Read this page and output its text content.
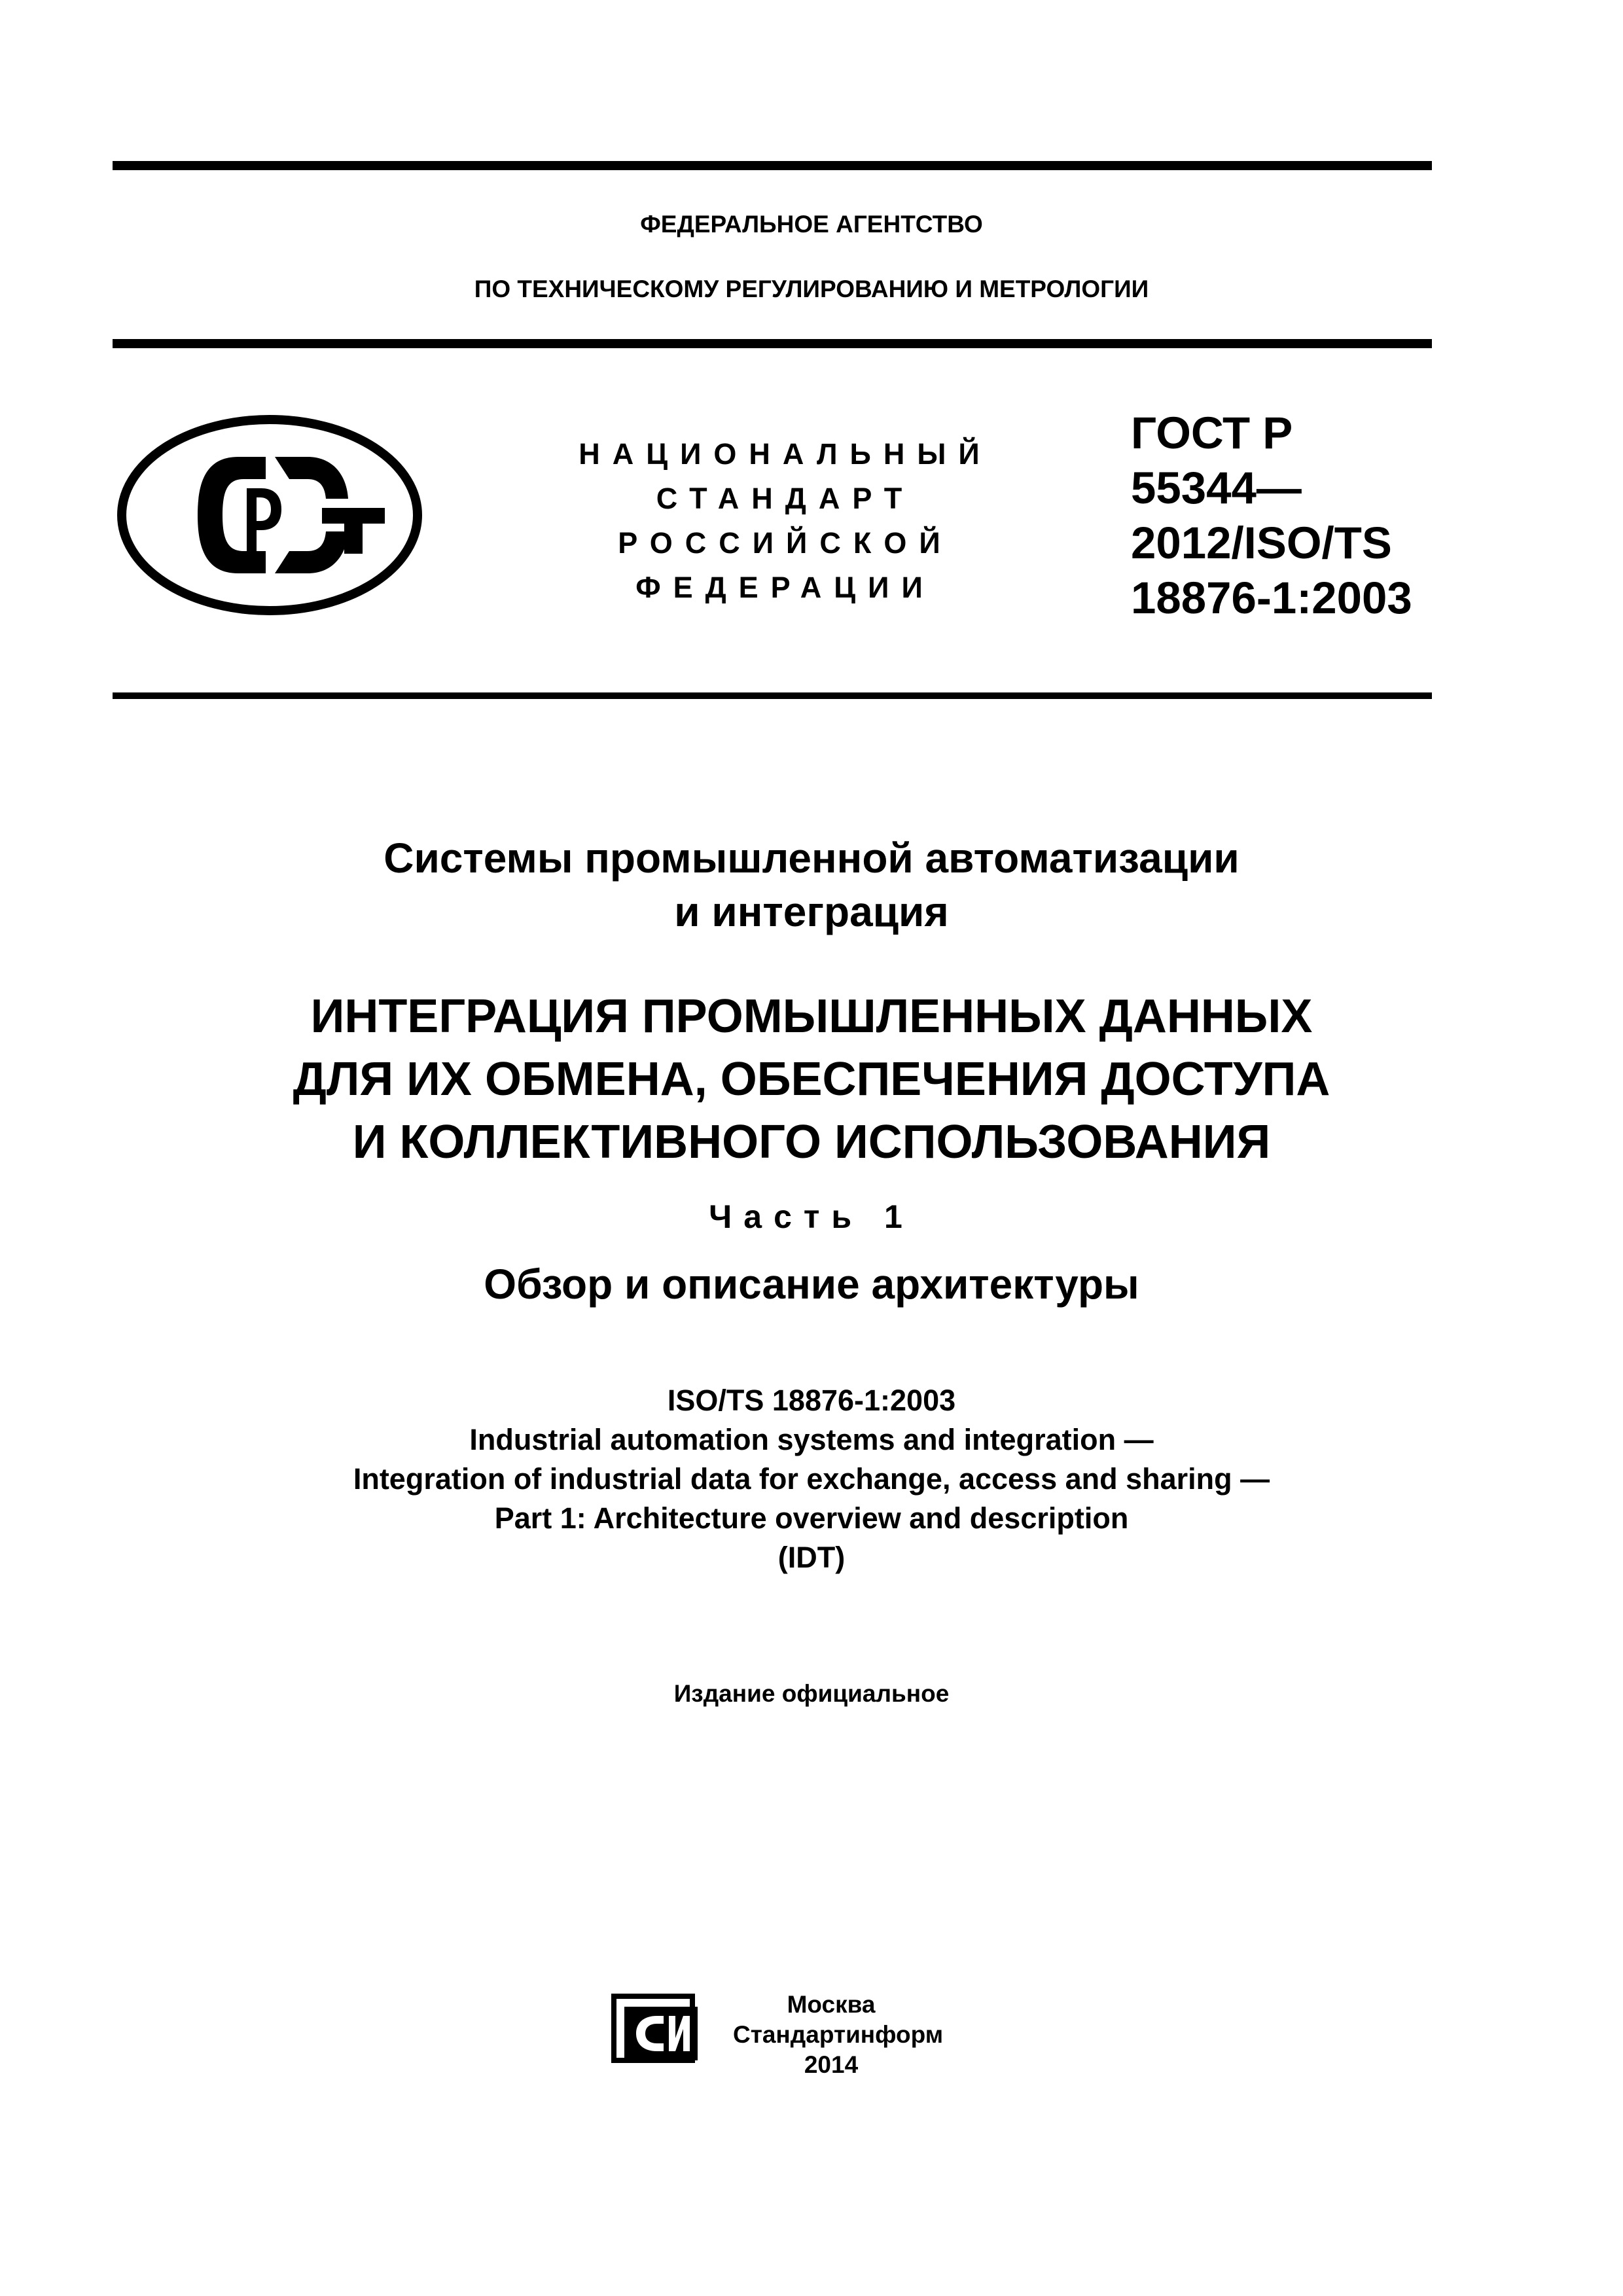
ФЕДЕРАЛЬНОЕ АГЕНТСТВО
ПО ТЕХНИЧЕСКОМУ РЕГУЛИРОВАНИЮ И МЕТРОЛОГИИ
НАЦИОНАЛЬНЫЙ
СТАНДАРТ
РОССИЙСКОЙ
ФЕДЕРАЦИИ
ГОСТ Р
55344—
2012/ISO/TS
18876-1:2003
Системы промышленной автоматизации
и интеграция
ИНТЕГРАЦИЯ ПРОМЫШЛЕННЫХ ДАННЫХ
ДЛЯ ИХ ОБМЕНА, ОБЕСПЕЧЕНИЯ ДОСТУПА
И КОЛЛЕКТИВНОГО ИСПОЛЬЗОВАНИЯ
Часть 1
Обзор и описание архитектуры
ISO/TS 18876-1:2003
Industrial automation systems and integration —
Integration of industrial data for exchange, access and sharing —
Part 1: Architecture overview and description
(IDT)
Издание официальное
Москва
Стандартинформ
2014
